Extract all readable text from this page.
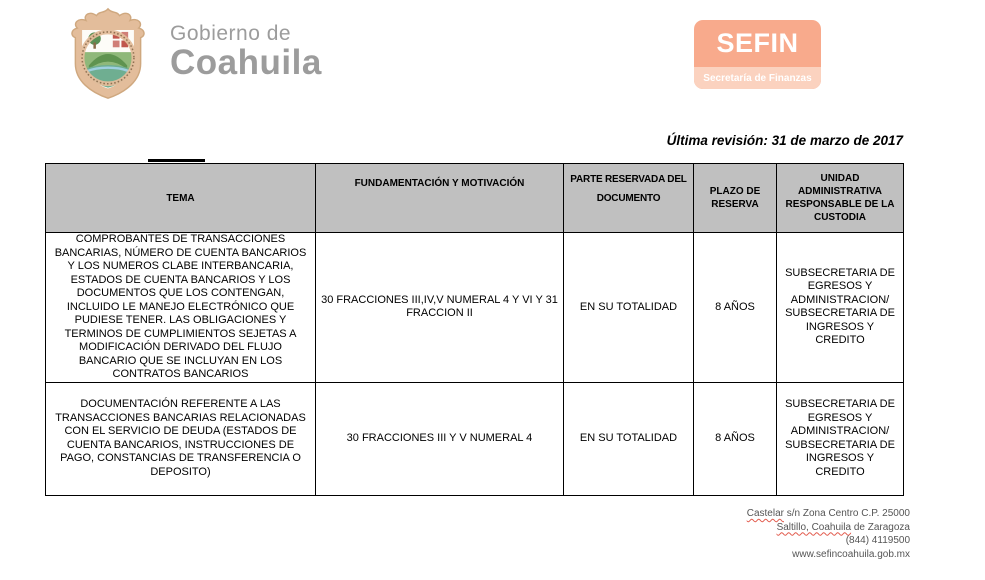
Gobierno de
Coahuila	SEFIN
Secretaría de Finanzas
Última revisión: 31 de marzo de 2017
TEMA	FUNDAMENTACIÓN Y MOTIVACIÓN	PARTE RESERVADA DEL DOCUMENTO	PLAZO DE RESERVA	UNIDAD ADMINISTRATIVA RESPONSABLE DE LA CUSTODIA
COMPROBANTES DE TRANSACCIONES BANCARIAS, NÚMERO DE CUENTA BANCARIOS Y LOS NUMEROS CLABE INTERBANCARIA, ESTADOS DE CUENTA BANCARIOS Y LOS DOCUMENTOS QUE LOS CONTENGAN, INCLUIDO LE MANEJO ELECTRÓNICO QUE PUDIESE TENER. LAS OBLIGACIONES Y TERMINOS DE CUMPLIMIENTOS SEJETAS A MODIFICACIÓN DERIVADO DEL FLUJO BANCARIO QUE SE INCLUYAN EN LOS CONTRATOS BANCARIOS	30 FRACCIONES III,IV,V NUMERAL 4 Y VI Y 31 FRACCION II	EN SU TOTALIDAD	8 AÑOS	SUBSECRETARIA DE EGRESOS Y ADMINISTRACION/ SUBSECRETARIA DE INGRESOS Y CREDITO
DOCUMENTACIÓN REFERENTE A LAS TRANSACCIONES BANCARIAS RELACIONADAS CON EL SERVICIO DE DEUDA (ESTADOS DE CUENTA BANCARIOS, INSTRUCCIONES DE PAGO, CONSTANCIAS DE TRANSFERENCIA O DEPOSITO)	30 FRACCIONES III Y V NUMERAL 4	EN SU TOTALIDAD	8 AÑOS	SUBSECRETARIA DE EGRESOS Y ADMINISTRACION/ SUBSECRETARIA DE INGRESOS Y CREDITO
Castelar s/n Zona Centro C.P. 25000
Saltillo, Coahuila de Zaragoza
(844) 4119500
www.sefincoahuila.gob.mx
